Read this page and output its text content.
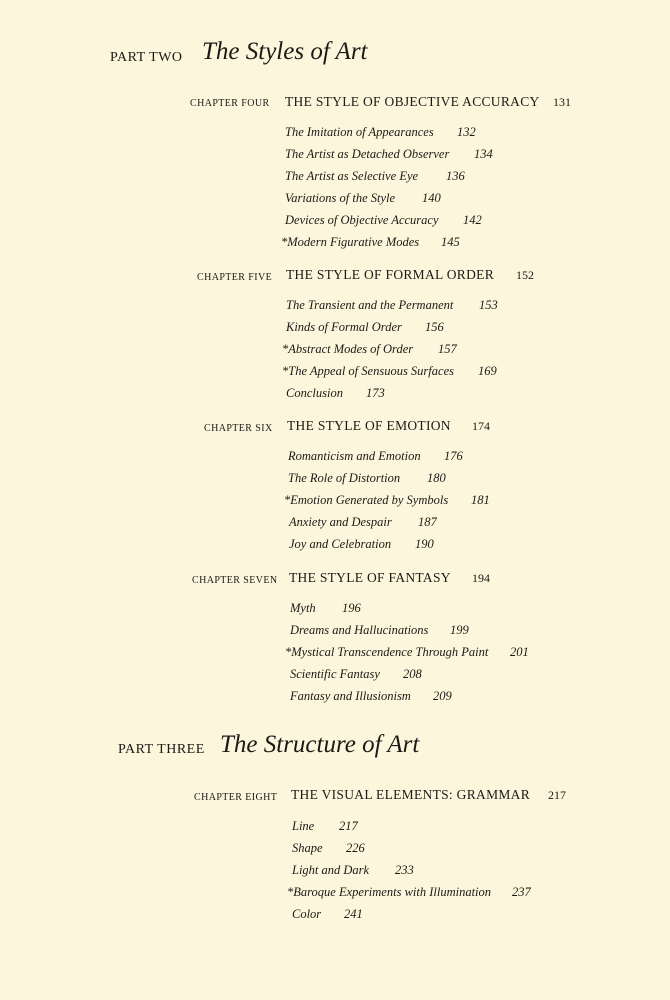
PART TWO The Styles of Art
CHAPTER FOUR THE STYLE OF OBJECTIVE ACCURACY 131
The Imitation of Appearances 132
The Artist as Detached Observer 134
The Artist as Selective Eye 136
Variations of the Style 140
Devices of Objective Accuracy 142
*Modern Figurative Modes 145
CHAPTER FIVE THE STYLE OF FORMAL ORDER 152
The Transient and the Permanent 153
Kinds of Formal Order 156
*Abstract Modes of Order 157
*The Appeal of Sensuous Surfaces 169
Conclusion 173
CHAPTER SIX THE STYLE OF EMOTION 174
Romanticism and Emotion 176
The Role of Distortion 180
*Emotion Generated by Symbols 181
Anxiety and Despair 187
Joy and Celebration 190
CHAPTER SEVEN THE STYLE OF FANTASY 194
Myth 196
Dreams and Hallucinations 199
*Mystical Transcendence Through Paint 201
Scientific Fantasy 208
Fantasy and Illusionism 209
PART THREE The Structure of Art
CHAPTER EIGHT THE VISUAL ELEMENTS: GRAMMAR 217
Line 217
Shape 226
Light and Dark 233
*Baroque Experiments with Illumination 237
Color 241
